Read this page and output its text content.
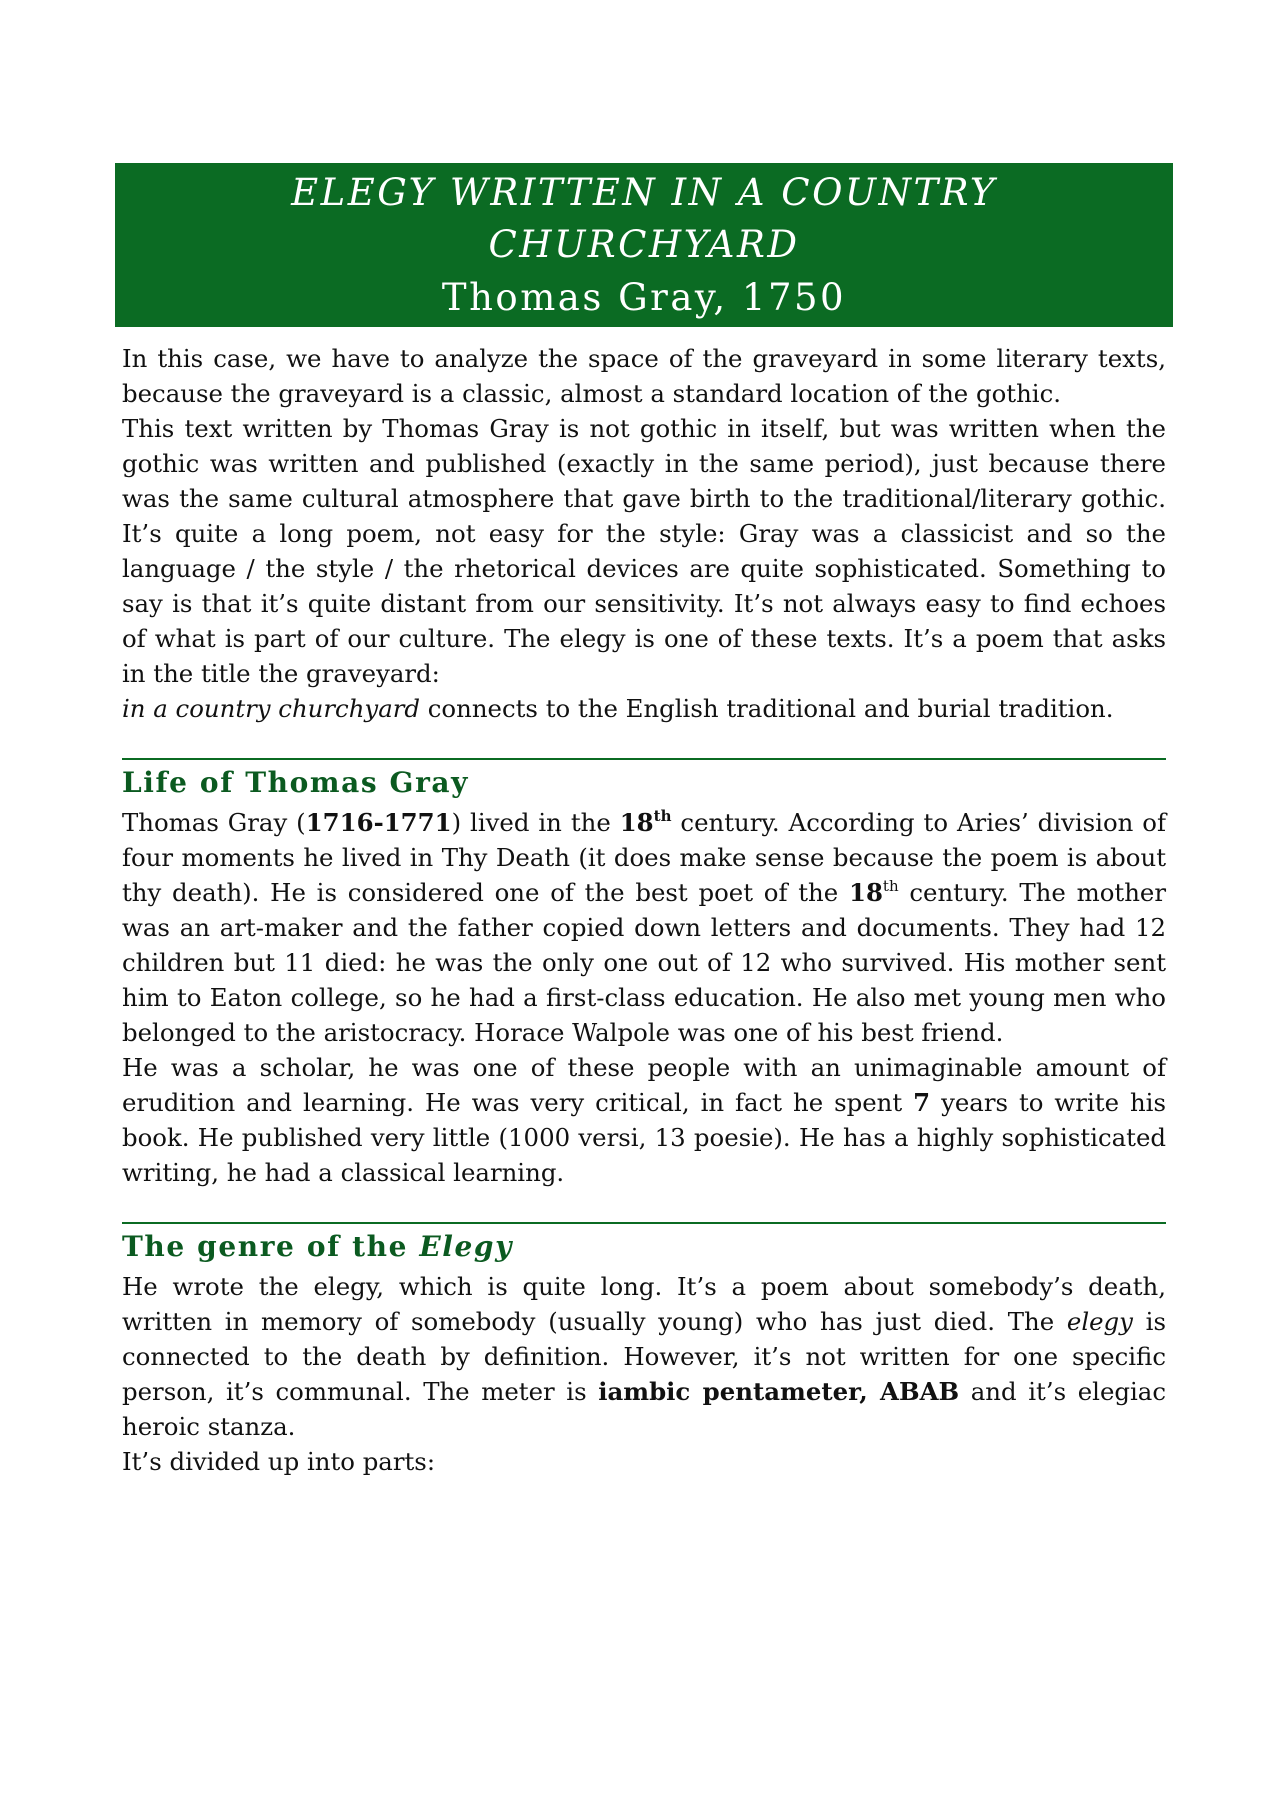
ELEGY WRITTEN IN A COUNTRY
CHURCHYARD
Thomas Gray, 1750

In this case, we have to analyze the space of the graveyard in some literary texts, because the graveyard is a classic, almost a standard location of the gothic.

This text written by Thomas Gray is not gothic in itself, but was written when the gothic was written and published (exactly in the same period), just because there was the same cultural atmosphere that gave birth to the traditional/literary gothic. It’s quite a long poem, not easy for the style: Gray was a classicist and so the language / the style / the rhetorical devices are quite sophisticated. Something to say is that it’s quite distant from our sensitivity. It’s not always easy to find echoes of what is part of our culture. The elegy is one of these texts. It’s a poem that asks in the title the graveyard:

in a country churchyard connects to the English traditional and burial tradition.

Life of Thomas Gray

Thomas Gray (1716-1771) lived in the 18th century. According to Aries’ division of four moments he lived in Thy Death (it does make sense because the poem is about thy death). He is considered one of the best poet of the 18th century. The mother was an art-maker and the father copied down letters and documents. They had 12 children but 11 died: he was the only one out of 12 who survived. His mother sent him to Eaton college, so he had a first-class education. He also met young men who belonged to the aristocracy. Horace Walpole was one of his best friend.

He was a scholar, he was one of these people with an unimaginable amount of erudition and learning. He was very critical, in fact he spent 7 years to write his book. He published very little (1000 versi, 13 poesie). He has a highly sophisticated writing, he had a classical learning.

The genre of the Elegy

He wrote the elegy, which is quite long. It’s a poem about somebody’s death, written in memory of somebody (usually young) who has just died. The elegy is connected to the death by definition. However, it’s not written for one specific person, it’s communal. The meter is iambic pentameter, ABAB and it’s elegiac heroic stanza.

It’s divided up into parts:
